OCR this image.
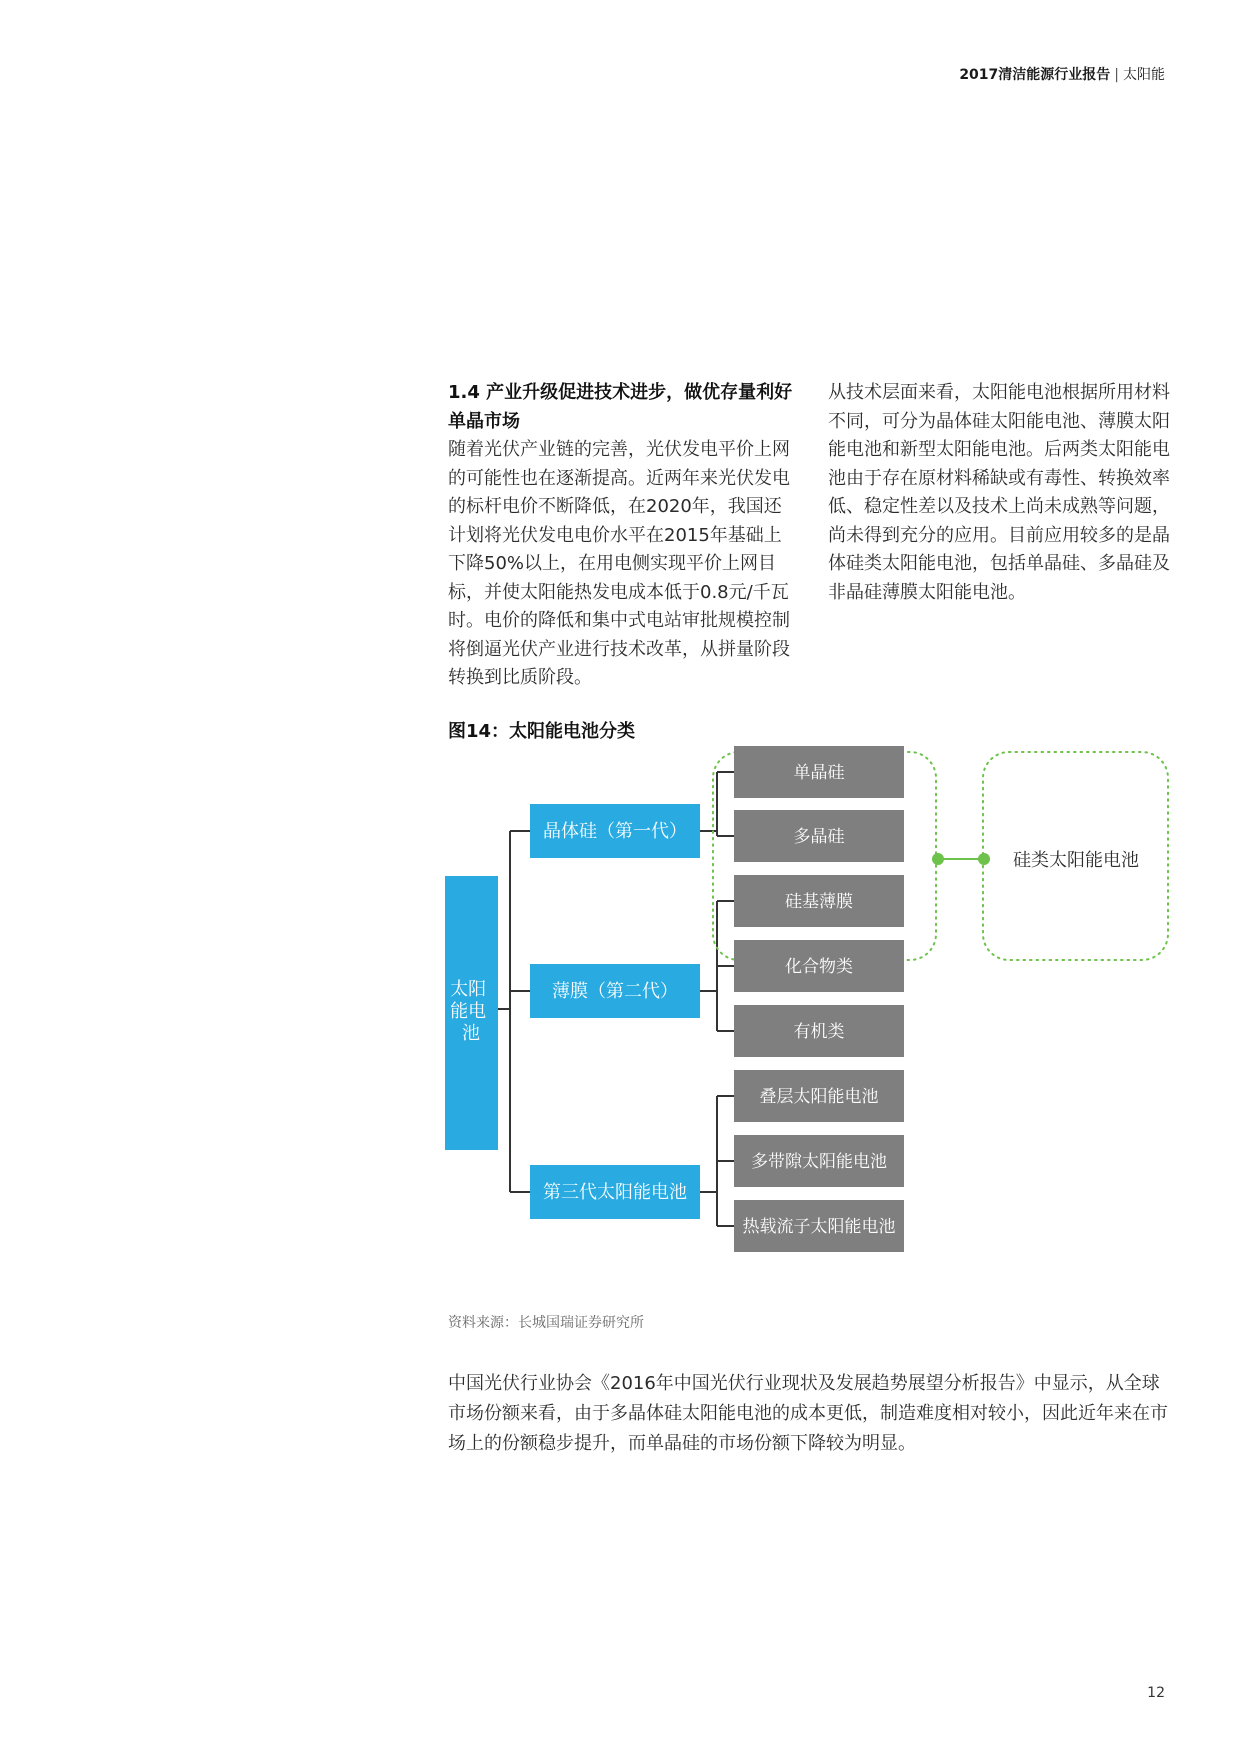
2017清洁能源行业报告 | 太阳能

1.4 产业升级促进技术进步，做优存量利好单晶市场

随着光伏产业链的完善，光伏发电平价上网的可能性也在逐渐提高。近两年来光伏发电的标杆电价不断降低，在2020年，我国还计划将光伏发电电价水平在2015年基础上下降50%以上，在用电侧实现平价上网目标，并使太阳能热发电成本低于0.8元/千瓦时。电价的降低和集中式电站审批规模控制将倒逼光伏产业进行技术改革，从拼量阶段转换到比质阶段。

从技术层面来看，太阳能电池根据所用材料不同，可分为晶体硅太阳能电池、薄膜太阳能电池和新型太阳能电池。后两类太阳能电池由于存在原材料稀缺或有毒性、转换效率低、稳定性差以及技术上尚未成熟等问题，尚未得到充分的应用。目前应用较多的是晶体硅类太阳能电池，包括单晶硅、多晶硅及非晶硅薄膜太阳能电池。

图14：太阳能电池分类
硅类太阳能电池
太阳 能电 池
晶体硅（第一代）
薄膜（第二代）
第三代太阳能电池
单晶硅
多晶硅
硅基薄膜
化合物类
有机类
叠层太阳能电池
多带隙太阳能电池
热载流子太阳能电池
资料来源：长城国瑞证券研究所
中国光伏行业协会《2016年中国光伏行业现状及发展趋势展望分析报告》中显示，从全球市场份额来看，由于多晶体硅太阳能电池的成本更低，制造难度相对较小，因此近年来在市场上的份额稳步提升，而单晶硅的市场份额下降较为明显。
12
